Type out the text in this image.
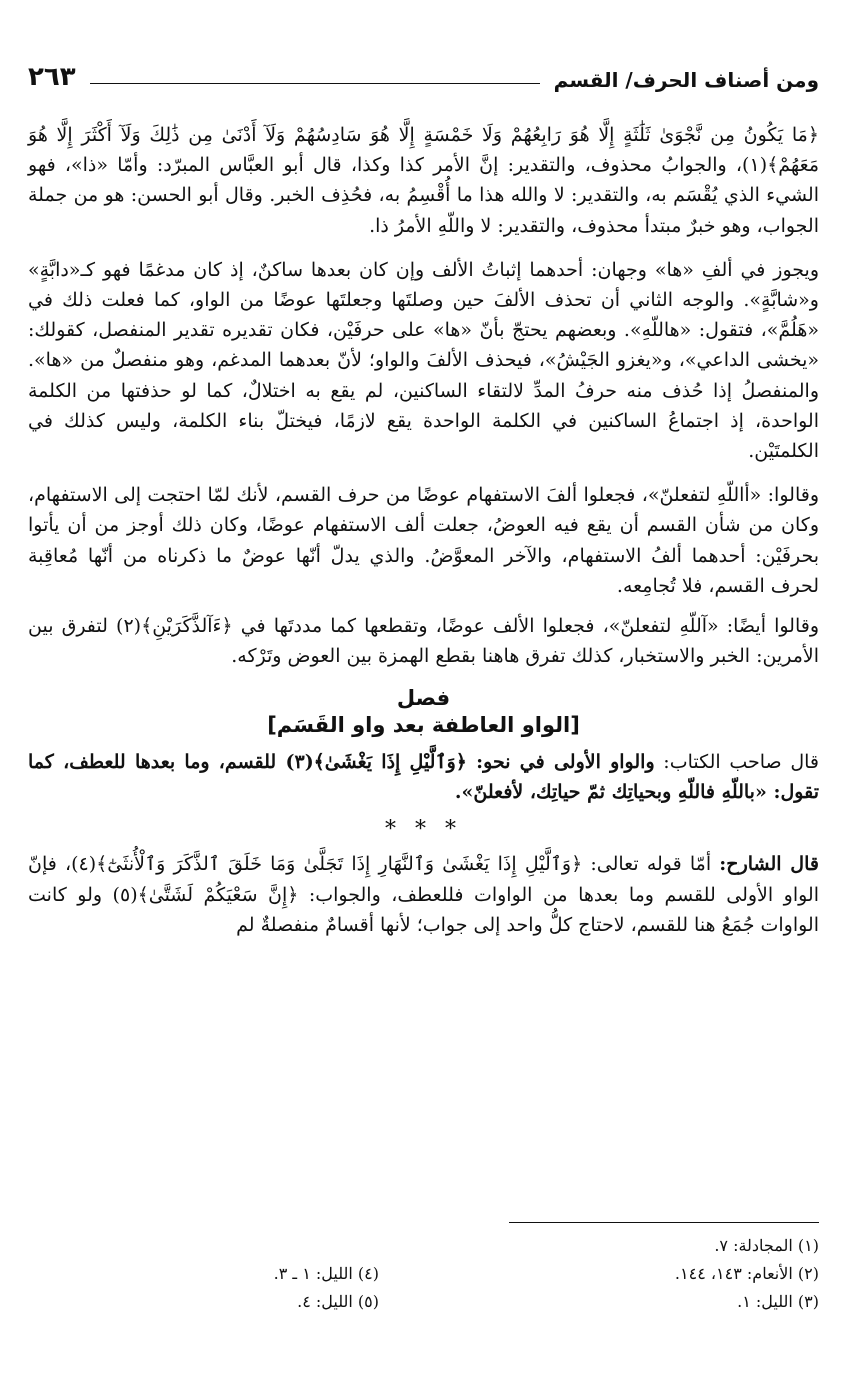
ومن أصناف الحرف/ القسم
٢٦٣

﴿مَا يَكُونُ مِن نَّجْوَىٰ ثَلَٰثَةٍ إِلَّا هُوَ رَابِعُهُمْ وَلَا خَمْسَةٍ إِلَّا هُوَ سَادِسُهُمْ وَلَآ أَدْنَىٰ مِن ذَٰلِكَ وَلَآ أَكْثَرَ إِلَّا هُوَ مَعَهُمْ﴾(١)، والجوابُ محذوف، والتقدير: إنَّ الأمر كذا وكذا، قال أبو العبَّاس المبرّد: وأمّا «ذا»، فهو الشيء الذي يُقْسَم به، والتقدير: لا والله هذا ما أُقْسِمُ به، فحُذِف الخبر. وقال أبو الحسن: هو من جملة الجواب، وهو خبرٌ مبتدأ محذوف، والتقدير: لا واللّهِ الأمرُ ذا.

ويجوز في ألفِ «ها» وجهان: أحدهما إثباتُ الألف وإن كان بعدها ساكنٌ، إذ كان مدغمًا فهو كـ«دابَّةٍ» و«شابَّةٍ». والوجه الثاني أن تحذف الألفَ حين وصلتَها وجعلتَها عوضًا من الواو، كما فعلت ذلك في «هَلُمَّ»، فتقول: «هاللّهِ». وبعضهم يحتجّ بأنّ «ها» على حرفَيْن، فكان تقديره تقدير المنفصل، كقولك: «يخشى الداعي»، و«يغزو الجَيْشُ»، فيحذف الألفَ والواو؛ لأنّ بعدهما المدغم، وهو منفصلٌ من «ها». والمنفصلُ إذا حُذف منه حرفُ المدِّ لالتقاء الساكنين، لم يقع به اختلالٌ، كما لو حذفتها من الكلمة الواحدة، إذ اجتماعُ الساكنين في الكلمة الواحدة يقع لازمًا، فيختلّ بناء الكلمة، وليس كذلك في الكلمتَيْن.

وقالوا: «أاللّهِ لتفعلنّ»، فجعلوا ألفَ الاستفهام عوضًا من حرف القسم، لأنك لمّا احتجت إلى الاستفهام، وكان من شأن القسم أن يقع فيه العوضُ، جعلت ألف الاستفهام عوضًا، وكان ذلك أوجز من أن يأتوا بحرفَيْن: أحدهما ألفُ الاستفهام، والآخر المعوَّضُ. والذي يدلّ أنّها عوضٌ ما ذكرناه من أنّها مُعاقِبة لحرف القسم، فلا تُجامِعه.

وقالوا أيضًا: «آللّهِ لتفعلنّ»، فجعلوا الألف عوضًا، وتقطعها كما مددتَها في ﴿ءَآلذَّكَرَيْنِ﴾(٢) لتفرق بين الأمرين: الخبر والاستخبار، كذلك تفرق هاهنا بقطع الهمزة بين العوض وتَرْكه.

فصل
[الواو العاطفة بعد واو القَسَم]

قال صاحب الكتاب: والواو الأولى في نحو: ﴿وَٱلَّيْلِ إِذَا يَغْشَىٰ﴾(٣) للقسم، وما بعدها للعطف، كما تقول: «باللّهِ فاللّهِ وبحياتِك ثمّ حياتِك، لأفعلنّ».

* * *

قال الشارح: أمّا قوله تعالى: ﴿وَٱلَّيْلِ إِذَا يَغْشَىٰ وَٱلنَّهَارِ إِذَا تَجَلَّىٰ وَمَا خَلَقَ ٱلذَّكَرَ وَٱلْأُنثَىٰٓ﴾(٤)، فإنّ الواو الأولى للقسم وما بعدها من الواوات فللعطف، والجواب: ﴿إِنَّ سَعْيَكُمْ لَشَتَّىٰ﴾(٥) ولو كانت الواوات جُمَعُ هنا للقسم، لاحتاج كلُّ واحد إلى جواب؛ لأنها أقسامٌ منفصلةٌ لم

(١) المجادلة: ٧.
(٢) الأنعام: ١٤٣، ١٤٤.
(٣) الليل: ١.
(٤) الليل: ١ ـ ٣.
(٥) الليل: ٤.
